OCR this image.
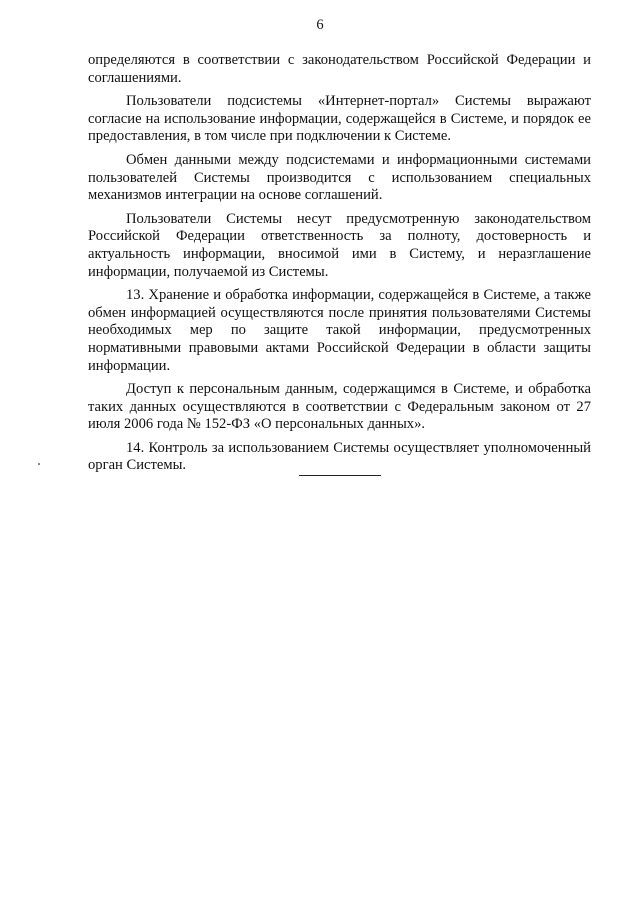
6

определяются в соответствии с законодательством Российской Федерации и соглашениями.

Пользователи подсистемы «Интернет-портал» Системы выражают согласие на использование информации, содержащейся в Системе, и порядок ее предоставления, в том числе при подключении к Системе.

Обмен данными между подсистемами и информационными системами пользователей Системы производится с использованием специальных механизмов интеграции на основе соглашений.

Пользователи Системы несут предусмотренную законодательством Российской Федерации ответственность за полноту, достоверность и актуальность информации, вносимой ими в Систему, и неразглашение информации, получаемой из Системы.

13. Хранение и обработка информации, содержащейся в Системе, а также обмен информацией осуществляются после принятия пользователями Системы необходимых мер по защите такой информации, предусмотренных нормативными правовыми актами Российской Федерации в области защиты информации.

Доступ к персональным данным, содержащимся в Системе, и обработка таких данных осуществляются в соответствии с Федеральным законом от 27 июля 2006 года № 152-ФЗ «О персональных данных».

14. Контроль за использованием Системы осуществляет уполномоченный орган Системы.
